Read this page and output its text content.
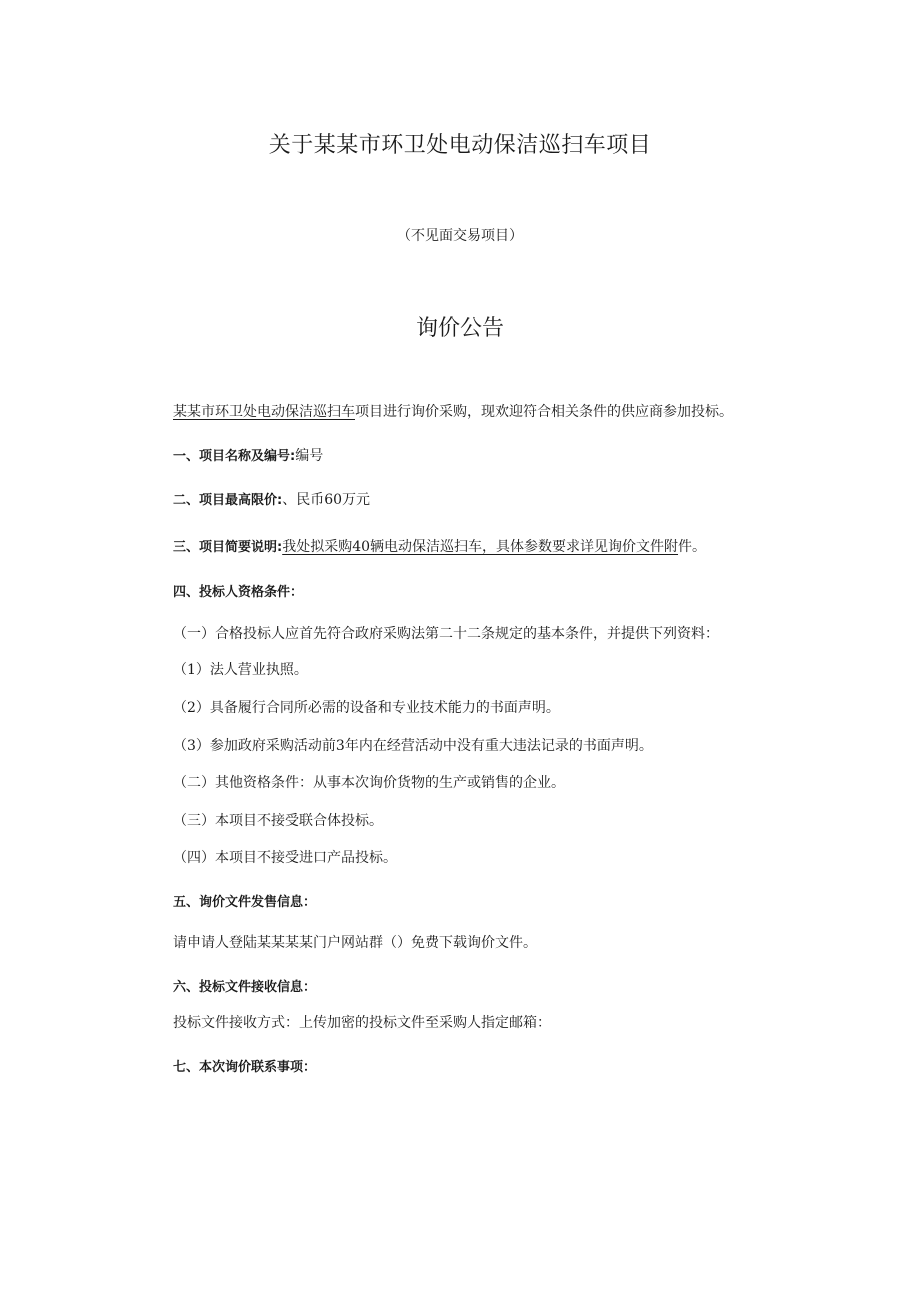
关于某某市环卫处电动保洁巡扫车项目
（不见面交易项目）
询价公告
某某市环卫处电动保洁巡扫车项目进行询价采购，现欢迎符合相关条件的供应商参加投标。
一、项目名称及编号:编号
二、项目最高限价:、民币60万元
三、项目简要说明:我处拟采购40辆电动保洁巡扫车，具体参数要求详见询价文件附件。
四、投标人资格条件：
（一）合格投标人应首先符合政府采购法第二十二条规定的基本条件，并提供下列资料：
（1）法人营业执照。
（2）具备履行合同所必需的设备和专业技术能力的书面声明。
（3）参加政府采购活动前3年内在经营活动中没有重大违法记录的书面声明。
（二）其他资格条件：从事本次询价货物的生产或销售的企业。
（三）本项目不接受联合体投标。
（四）本项目不接受进口产品投标。
五、询价文件发售信息：
请申请人登陆某某某某门户网站群（）免费下载询价文件。
六、投标文件接收信息：
投标文件接收方式：上传加密的投标文件至采购人指定邮箱：
七、本次询价联系事项：
